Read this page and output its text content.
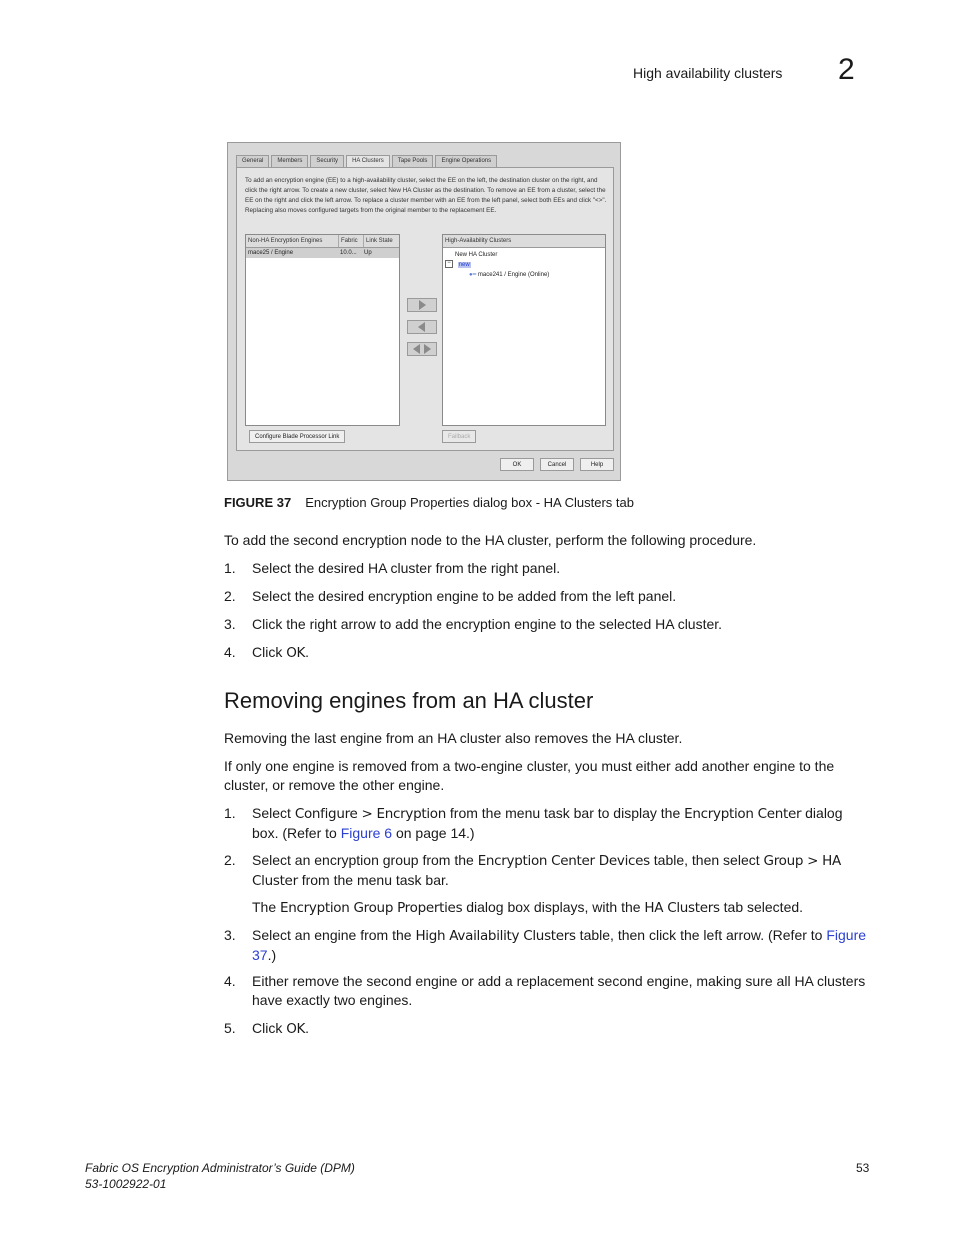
High availability clusters 2
General	Members	Security	HA Clusters	Tape Pools	Engine Operations
To add an encryption engine (EE) to a high-availability cluster, select the EE on the left, the destination cluster on the right, and click the right arrow. To create a new cluster, select New HA Cluster as the destination. To remove an EE from a cluster, select the EE on the right and click the left arrow. To replace a cluster member with an EE from the left panel, select both EEs and click "<>". Replacing also moves configured targets from the original member to the replacement EE.
Non-HA Encryption Engines	Fabric	Link State
mace25 / Engine	10.0...	Up
High-Availability Clusters
New HA Cluster
− new
●━ mace241 / Engine (Online)
Configure Blade Processor Link	Failback
OK	Cancel	Help
FIGURE 37 Encryption Group Properties dialog box - HA Clusters tab
To add the second encryption node to the HA cluster, perform the following procedure.
1. Select the desired HA cluster from the right panel.
2. Select the desired encryption engine to be added from the left panel.
3. Click the right arrow to add the encryption engine to the selected HA cluster.
4. Click OK.
Removing engines from an HA cluster
Removing the last engine from an HA cluster also removes the HA cluster.
If only one engine is removed from a two-engine cluster, you must either add another engine to the cluster, or remove the other engine.
1. Select Configure > Encryption from the menu task bar to display the Encryption Center dialog box. (Refer to Figure 6 on page 14.)
2. Select an encryption group from the Encryption Center Devices table, then select Group > HA Cluster from the menu task bar.
The Encryption Group Properties dialog box displays, with the HA Clusters tab selected.
3. Select an engine from the High Availability Clusters table, then click the left arrow. (Refer to Figure 37.)
4. Either remove the second engine or add a replacement second engine, making sure all HA clusters have exactly two engines.
5. Click OK.
Fabric OS Encryption Administrator’s Guide (DPM)
53-1002922-01
53
